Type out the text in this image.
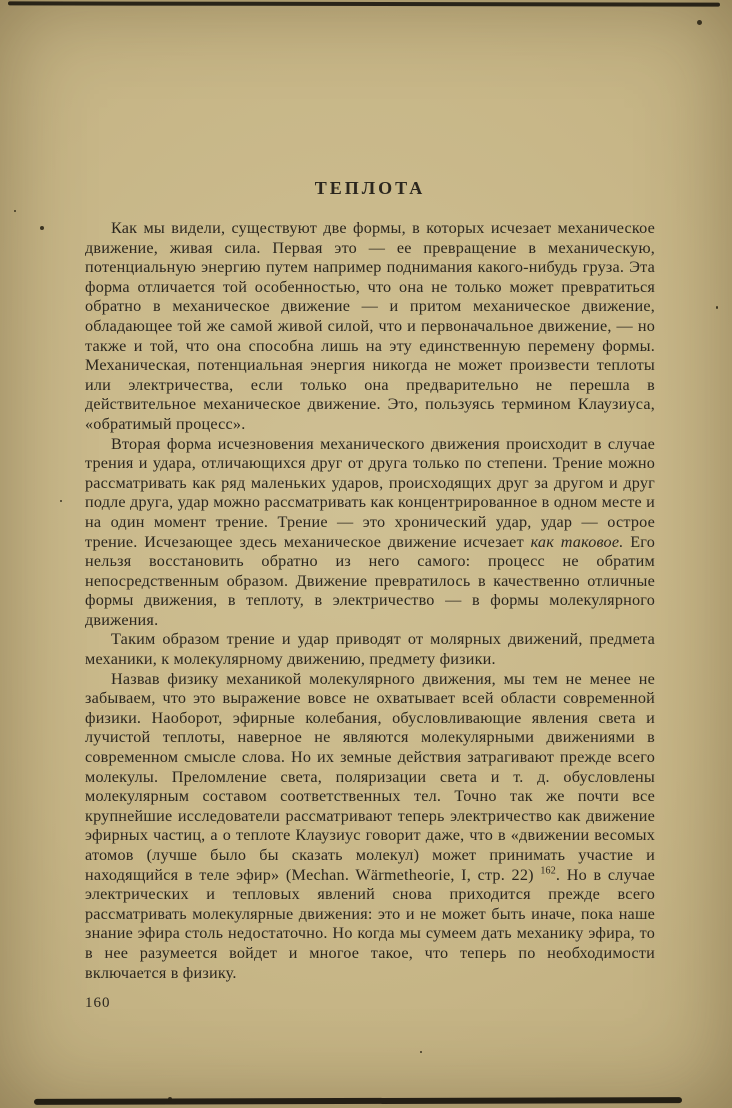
ТЕПЛОТА

Как мы видели, существуют две формы, в которых исчезает механическое движение, живая сила. Первая это — ее превращение в механическую, потенциальную энергию путем например поднимания какого-нибудь груза. Эта форма отличается той особенностью, что она не только может превратиться обратно в механическое движение — и притом механическое движение, обладающее той же самой живой силой, что и первоначальное движение, — но также и той, что она способна лишь на эту единственную перемену формы. Механическая, потенциальная энергия никогда не может произвести теплоты или электричества, если только она предварительно не перешла в действительное механическое движение. Это, пользуясь термином Клаузиуса, «обратимый процесс».

Вторая форма исчезновения механического движения происходит в случае трения и удара, отличающихся друг от друга только по степени. Трение можно рассматривать как ряд маленьких ударов, происходящих друг за другом и друг подле друга, удар можно рассматривать как концентрированное в одном месте и на один момент трение. Трение — это хронический удар, удар — острое трение. Исчезающее здесь механическое движение исчезает как таковое. Его нельзя восстановить обратно из него самого: процесс не обратим непосредственным образом. Движение превратилось в качественно отличные формы движения, в теплоту, в электричество — в формы молекулярного движения.

Таким образом трение и удар приводят от молярных движений, предмета механики, к молекулярному движению, предмету физики.

Назвав физику механикой молекулярного движения, мы тем не менее не забываем, что это выражение вовсе не охватывает всей области современной физики. Наоборот, эфирные колебания, обусловливающие явления света и лучистой теплоты, наверное не являются молекулярными движениями в современном смысле слова. Но их земные действия затрагивают прежде всего молекулы. Преломление света, поляризации света и т. д. обусловлены молекулярным составом соответственных тел. Точно так же почти все крупнейшие исследователи рассматривают теперь электричество как движение эфирных частиц, а о теплоте Клаузиус говорит даже, что в «движении весомых атомов (лучше было бы сказать молекул) может принимать участие и находящийся в теле эфир» (Mechan. Wärmetheorie, I, стр. 22) $^{162}$. Но в случае электрических и тепловых явлений снова приходится прежде всего рассматривать молекулярные движения: это и не может быть иначе, пока наше знание эфира столь недостаточно. Но когда мы сумеем дать механику эфира, то в нее разумеется войдет и многое такое, что теперь по необходимости включается в физику.

160
